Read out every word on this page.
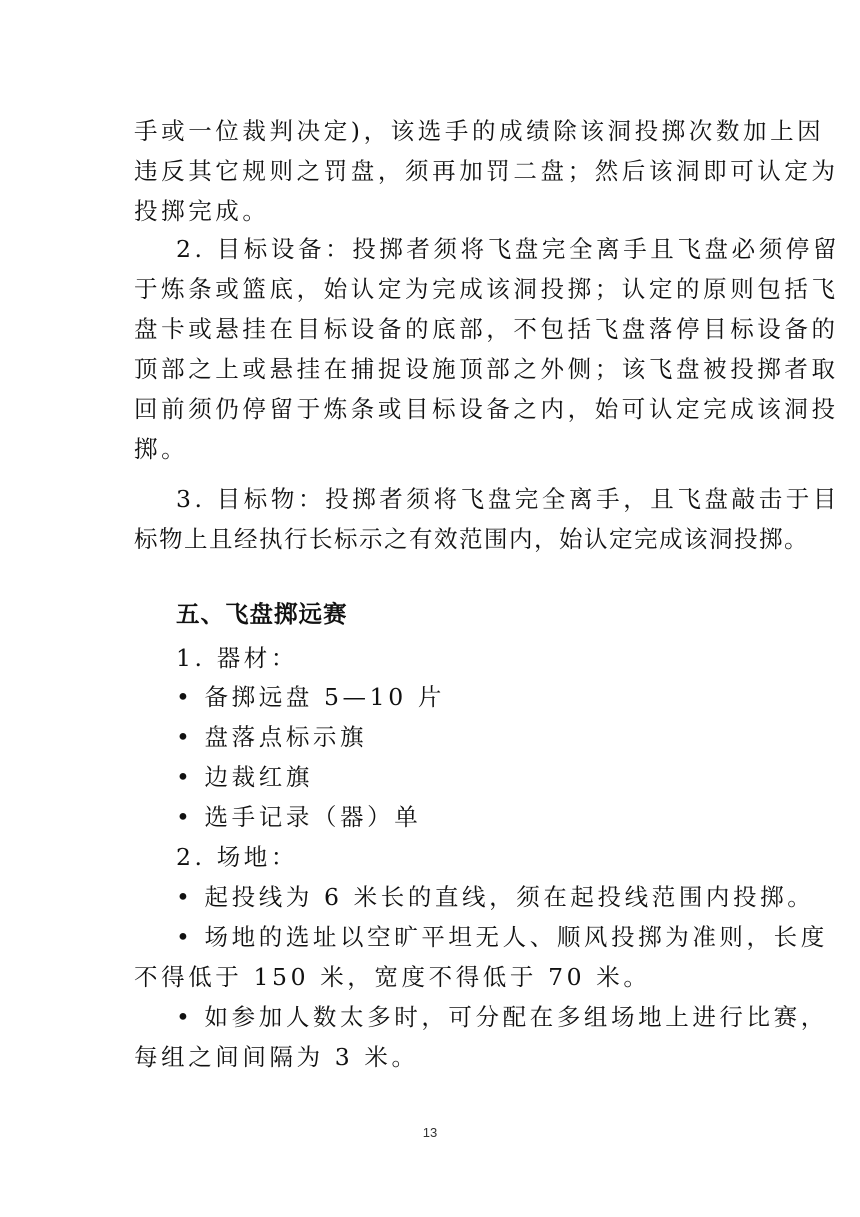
手或一位裁判决定)，该选手的成绩除该洞投掷次数加上因

违反其它规则之罚盘，须再加罚二盘；然后该洞即可认定为

投掷完成。

2. 目标设备：投掷者须将飞盘完全离手且飞盘必须停留

于炼条或篮底，始认定为完成该洞投掷；认定的原则包括飞

盘卡或悬挂在目标设备的底部，不包括飞盘落停目标设备的

顶部之上或悬挂在捕捉设施顶部之外侧；该飞盘被投掷者取

回前须仍停留于炼条或目标设备之内，始可认定完成该洞投

掷。

3. 目标物：投掷者须将飞盘完全离手，且飞盘敲击于目

标物上且经执行长标示之有效范围内，始认定完成该洞投掷。

五、飞盘掷远赛

1. 器材：

• 备掷远盘 5—10 片

• 盘落点标示旗

• 边裁红旗

• 选手记录（器）单

2. 场地：

• 起投线为 6 米长的直线，须在起投线范围内投掷。

• 场地的选址以空旷平坦无人、顺风投掷为准则，长度

不得低于 150 米，宽度不得低于 70 米。

• 如参加人数太多时，可分配在多组场地上进行比赛，

每组之间间隔为 3 米。

13
